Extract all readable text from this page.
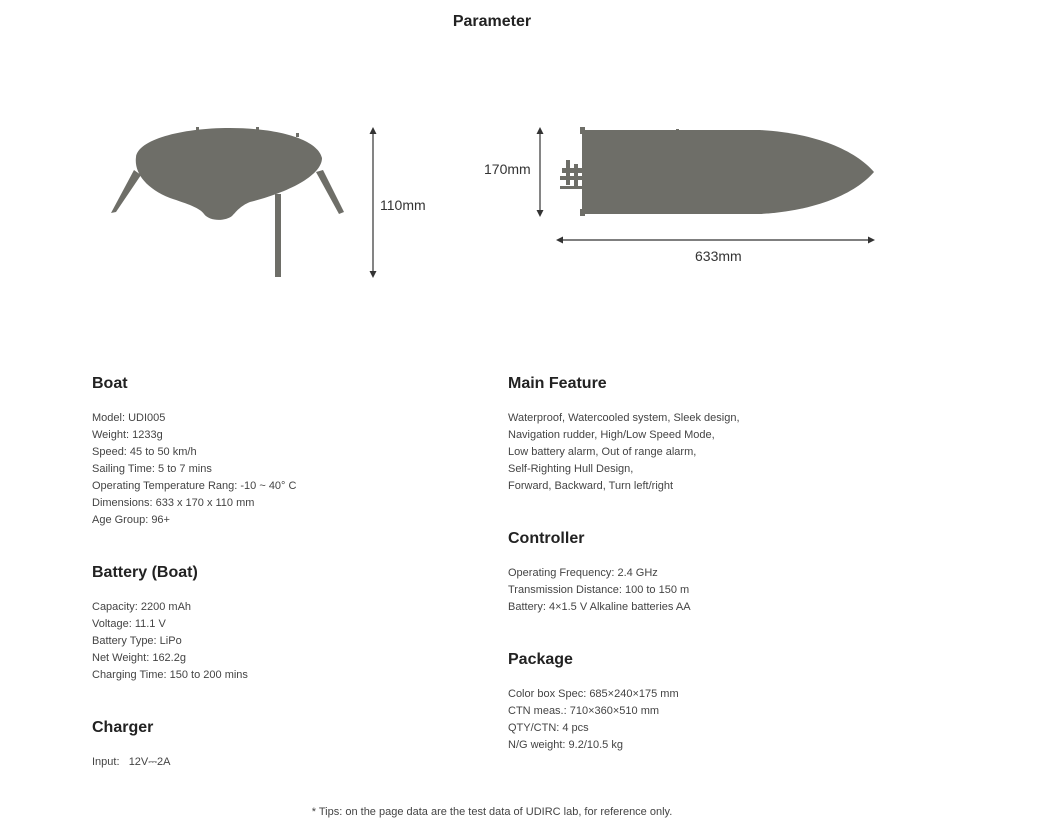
Parameter
110mm
170mm
633mm
Boat
Model: UDI005
Weight: 1233g
Speed: 45 to 50 km/h
Sailing Time: 5 to 7 mins
Operating Temperature Rang: -10 ~ 40° C
Dimensions: 633 x 170 x 110 mm
Age Group: 96+
Battery (Boat)
Capacity: 2200 mAh
Voltage: 11.1 V
Battery Type: LiPo
Net Weight: 162.2g
Charging Time: 150 to 200 mins
Charger
Input:   12V⎓2A
Main Feature
Waterproof, Watercooled system, Sleek design,
Navigation rudder, High/Low Speed Mode,
Low battery alarm, Out of range alarm,
Self-Righting Hull Design,
Forward, Backward, Turn left/right
Controller
Operating Frequency: 2.4 GHz
Transmission Distance: 100 to 150 m
Battery: 4×1.5 V Alkaline batteries AA
Package
Color box Spec: 685×240×175 mm
CTN meas.: 710×360×510 mm
QTY/CTN: 4 pcs
N/G weight: 9.2/10.5 kg
* Tips: on the page data are the test data of UDIRC lab, for reference only.
